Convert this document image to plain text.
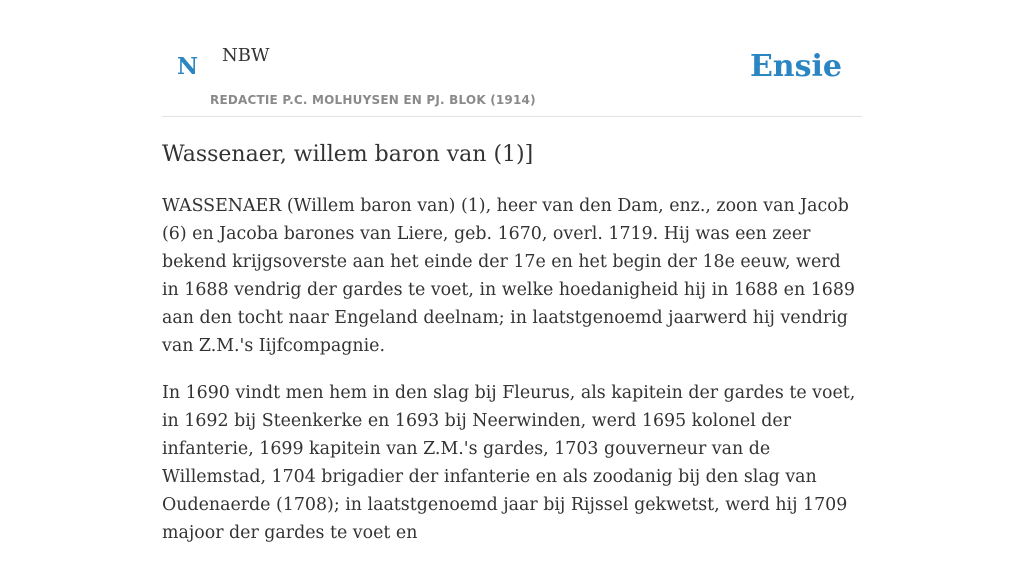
N NBW
REDACTIE P.C. MOLHUYSEN EN PJ. BLOK (1914)
Ensie
Wassenaer, willem baron van (1)]

WASSENAER (Willem baron van) (1), heer van den Dam, enz., zoon van Jacob (6) en Jacoba barones van Liere, geb. 1670, overl. 1719. Hij was een zeer bekend krijgsoverste aan het einde der 17e en het begin der 18e eeuw, werd in 1688 vendrig der gardes te voet, in welke hoedanigheid hij in 1688 en 1689 aan den tocht naar Engeland deelnam; in laatstgenoemd jaarwerd hij vendrig van Z.M.'s Iijfcompagnie.

In 1690 vindt men hem in den slag bij Fleurus, als kapitein der gardes te voet, in 1692 bij Steenkerke en 1693 bij Neerwinden, werd 1695 kolonel der infanterie, 1699 kapitein van Z.M.'s gardes, 1703 gouverneur van de Willemstad, 1704 brigadier der infanterie en als zoodanig bij den slag van Oudenaerde (1708); in laatstgenoemd jaar bij Rijssel gekwetst, werd hij 1709 majoor der gardes te voet en
